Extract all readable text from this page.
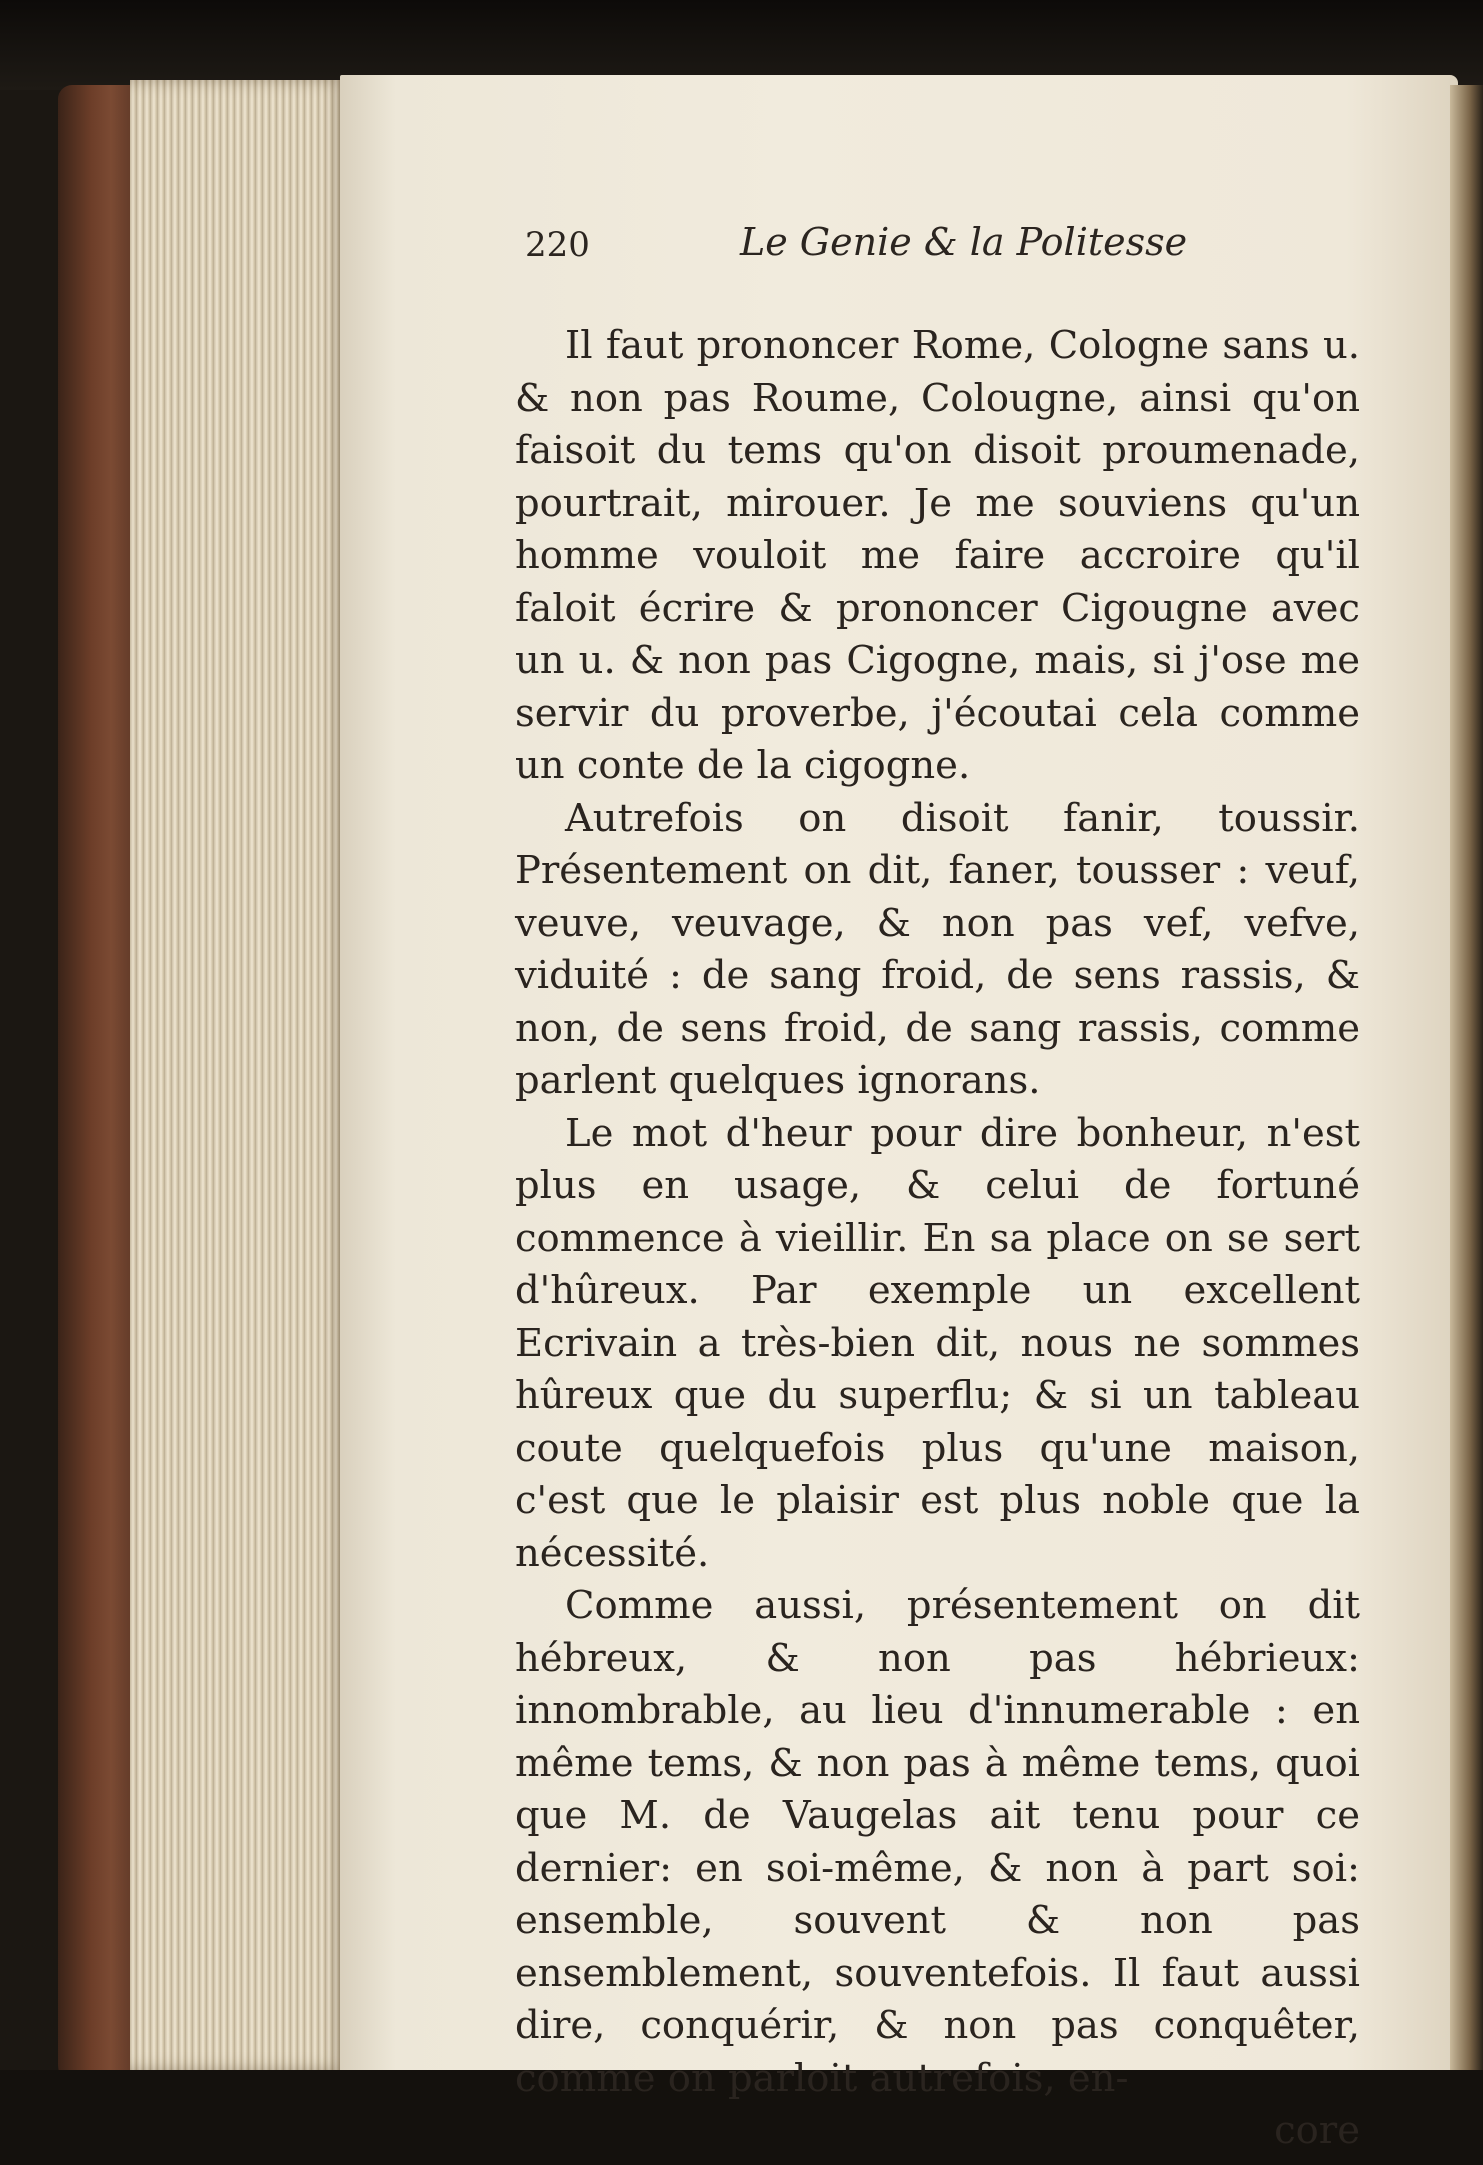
220	Le Genie & la Politesse

Il faut prononcer Rome, Cologne sans u. & non pas Roume, Colougne, ainsi qu'on faisoit du tems qu'on disoit proumenade, pourtrait, mirouer. Je me souviens qu'un homme vouloit me faire accroire qu'il faloit écrire & prononcer Cigougne avec un u. & non pas Cigogne, mais, si j'ose me servir du proverbe, j'écoutai cela comme un conte de la cigogne.

Autrefois on disoit fanir, toussir. Présentement on dit, faner, tousser : veuf, veuve, veuvage, & non pas vef, vefve, viduité : de sang froid, de sens rassis, & non, de sens froid, de sang rassis, comme parlent quelques ignorans.

Le mot d'heur pour dire bonheur, n'est plus en usage, & celui de fortuné commence à vieillir. En sa place on se sert d'hûreux. Par exemple un excellent Ecrivain a très-bien dit, nous ne sommes hûreux que du superflu; & si un tableau coute quelquefois plus qu'une maison, c'est que le plaisir est plus noble que la nécessité.

Comme aussi, présentement on dit hébreux, & non pas hébrieux: innombrable, au lieu d'innumerable : en même tems, & non pas à même tems, quoi que M. de Vaugelas ait tenu pour ce dernier: en soi-même, & non à part soi: ensemble, souvent & non pas ensemblement, souventefois. Il faut aussi dire, conquérir, & non pas conquêter, comme on parloit autrefois, en-

core
